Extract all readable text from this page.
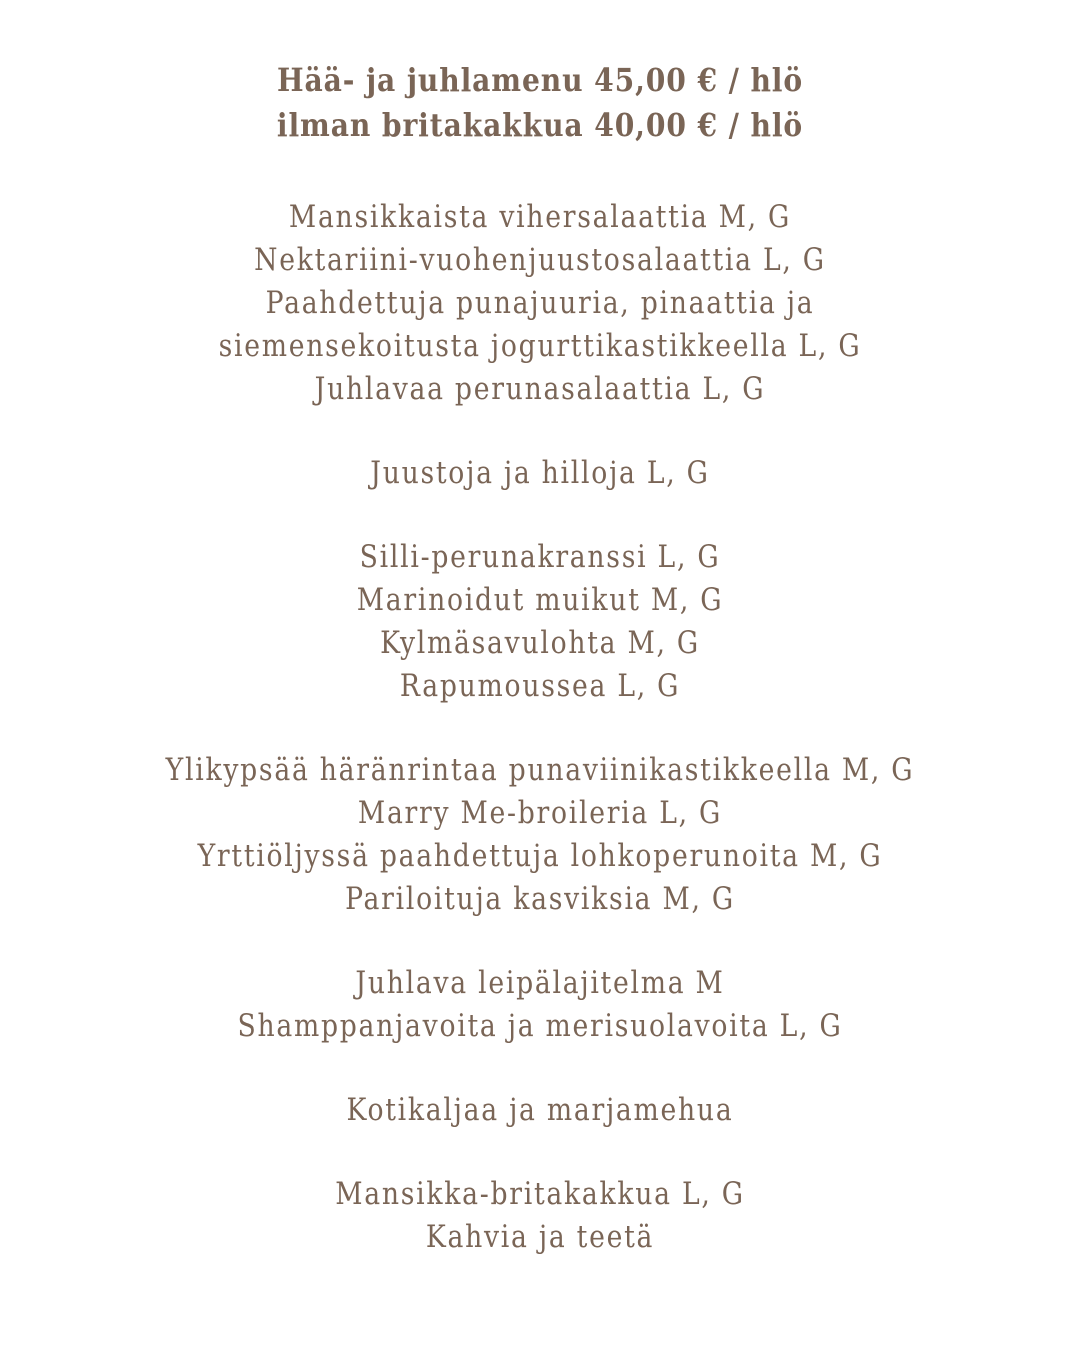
Hää- ja juhlamenu 45,00 € / hlö
ilman britakakkua 40,00 € / hlö
Mansikkaista vihersalaattia M, G
Nektariini-vuohenjuustosalaattia L, G
Paahdettuja punajuuria, pinaattia ja
siemensekoitusta jogurttikastikkeella L, G
Juhlavaa perunasalaattia L, G
Juustoja ja hilloja L, G
Silli-perunakranssi L, G
Marinoidut muikut M, G
Kylmäsavulohta M, G
Rapumoussea L, G
Ylikypsää häränrintaa punaviinikastikkeella M, G
Marry Me-broileria L, G
Yrttiöljyssä paahdettuja lohkoperunoita M, G
Pariloituja kasviksia M, G
Juhlava leipälajitelma M
Shamppanjavoita ja merisuolavoita L, G
Kotikaljaa ja marjamehua
Mansikka-britakakkua L, G
Kahvia ja teetä
